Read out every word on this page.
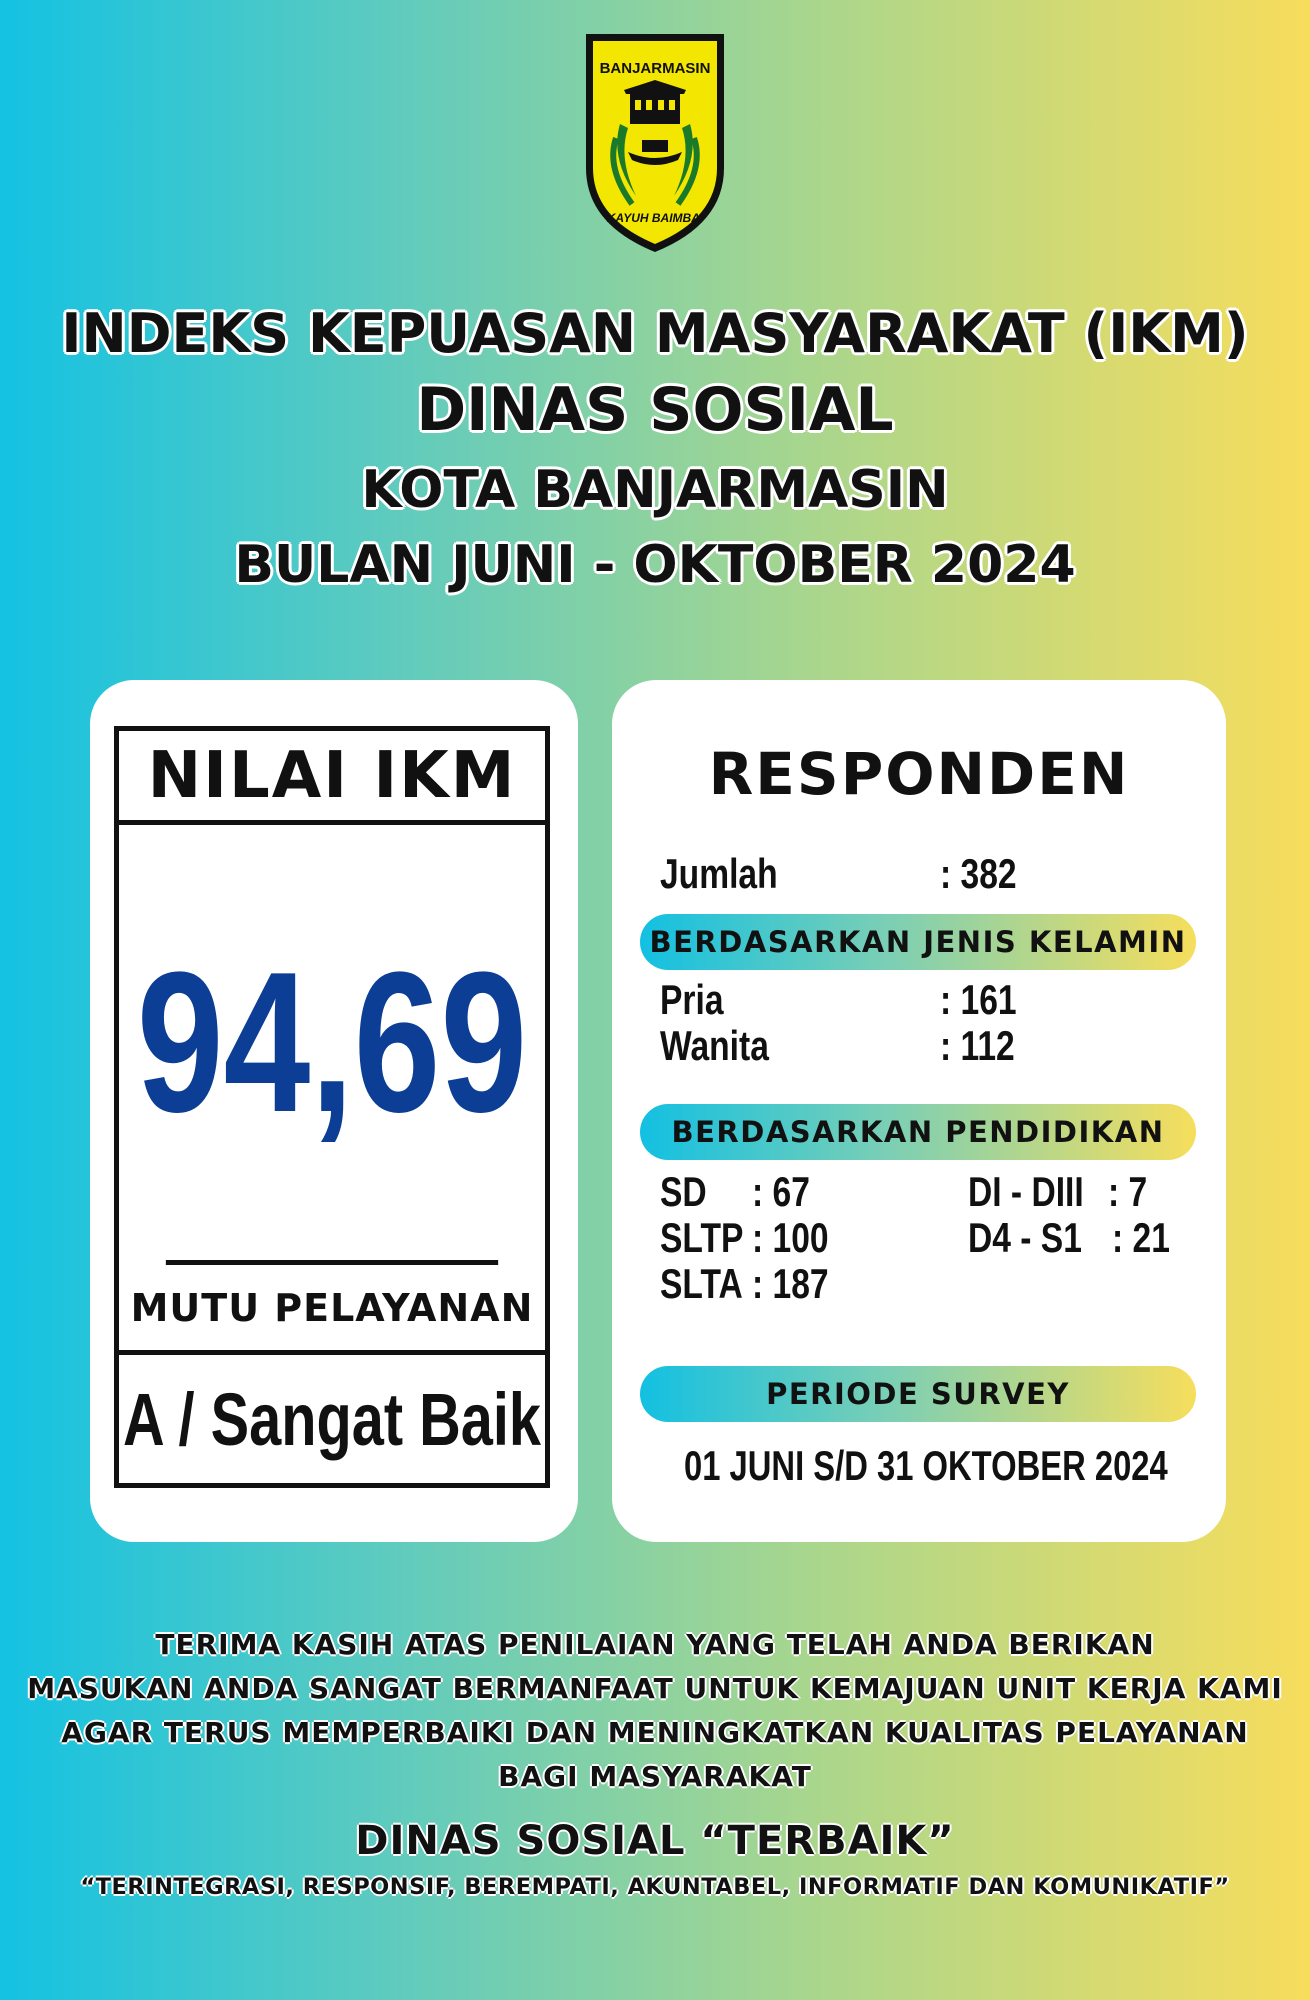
BANJARMASIN
KAYUH BAIMBAI
INDEKS KEPUASAN MASYARAKAT (IKM)
DINAS SOSIAL
KOTA BANJARMASIN
BULAN JUNI - OKTOBER 2024
NILAI IKM
94,69
MUTU PELAYANAN
A / Sangat Baik
RESPONDEN
Jumlah	: 382
BERDASARKAN JENIS KELAMIN
Pria	: 161
Wanita	: 112
BERDASARKAN PENDIDIKAN
SD : 67
SLTP : 100
SLTA : 187
DI - DIII : 7
D4 - S1 : 21
PERIODE SURVEY
01 JUNI S/D 31 OKTOBER 2024
TERIMA KASIH ATAS PENILAIAN YANG TELAH ANDA BERIKAN
MASUKAN ANDA SANGAT BERMANFAAT UNTUK KEMAJUAN UNIT KERJA KAMI
AGAR TERUS MEMPERBAIKI DAN MENINGKATKAN KUALITAS PELAYANAN
BAGI MASYARAKAT
DINAS SOSIAL “TERBAIK”
“TERINTEGRASI, RESPONSIF, BEREMPATI, AKUNTABEL, INFORMATIF DAN KOMUNIKATIF”
